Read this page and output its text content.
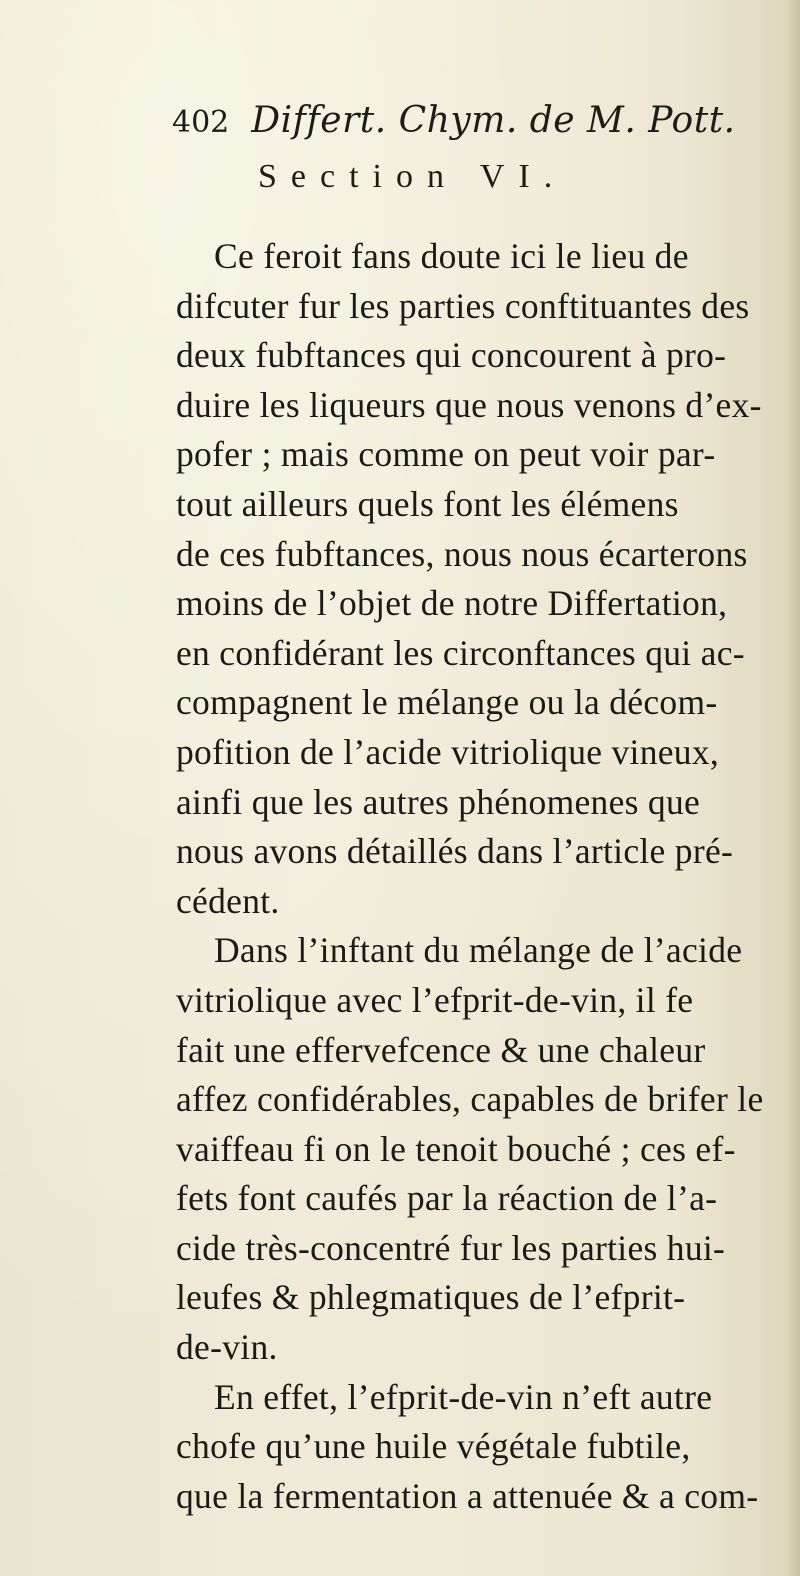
402 Differt. Chym. de M. Pott.
Section VI.
Ce feroit fans doute ici le lieu de
difcuter fur les parties conftituantes des
deux fubftances qui concourent à pro-
duire les liqueurs que nous venons d’ex-
pofer ; mais comme on peut voir par-
tout ailleurs quels font les élémens
de ces fubftances, nous nous écarterons
moins de l’objet de notre Differtation,
en confidérant les circonftances qui ac-
compagnent le mélange ou la décom-
pofition de l’acide vitriolique vineux,
ainfi que les autres phénomenes que
nous avons détaillés dans l’article pré-
cédent.
Dans l’inftant du mélange de l’acide
vitriolique avec l’efprit-de-vin, il fe
fait une effervefcence & une chaleur
affez confidérables, capables de brifer le
vaiffeau fi on le tenoit bouché ; ces ef-
fets font caufés par la réaction de l’a-
cide très-concentré fur les parties hui-
leufes & phlegmatiques de l’efprit-
de-vin.
En effet, l’efprit-de-vin n’eft autre
chofe qu’une huile végétale fubtile,
que la fermentation a attenuée & a com-
